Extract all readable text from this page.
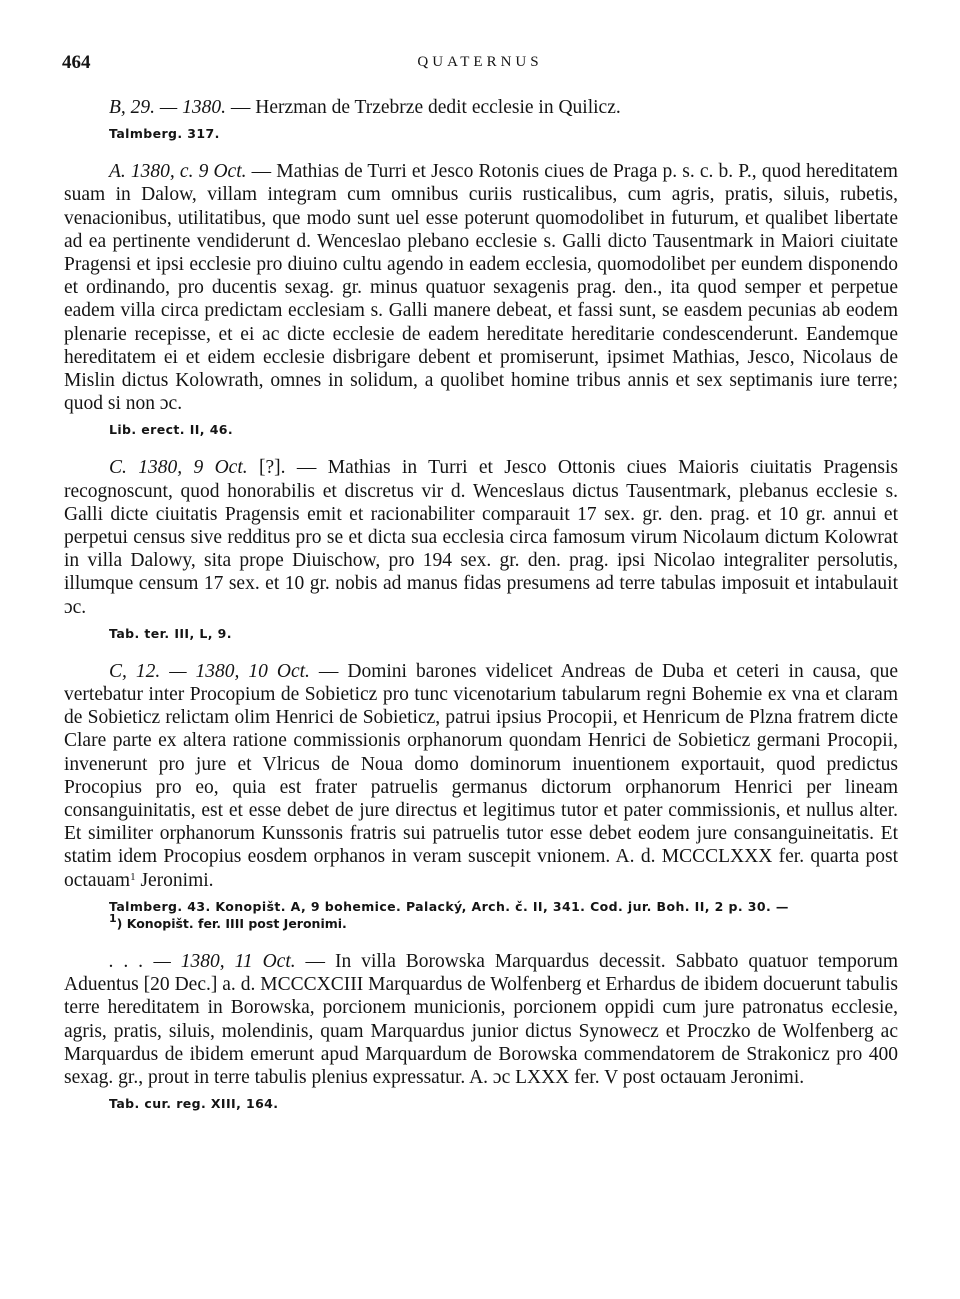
464	QUATERNUS

B, 29. — 1380. — Herzman de Trzebrze dedit ecclesie in Quilicz.

Talmberg. 317.

A. 1380, c. 9 Oct. — Mathias de Turri et Jesco Rotonis ciues de Praga p. s. c. b. P., quod hereditatem suam in Dalow, villam integram cum omnibus curiis rusticalibus, cum agris, pratis, siluis, rubetis, venacionibus, utilitatibus, que modo sunt uel esse poterunt quomodolibet in futurum, et qualibet libertate ad ea pertinente vendiderunt d. Wenceslao plebano ecclesie s. Galli dicto Tausentmark in Maiori ciuitate Pragensi et ipsi ecclesie pro diuino cultu agendo in eadem ecclesia, quomodolibet per eundem disponendo et ordinando, pro ducentis sexag. gr. minus quatuor sexagenis prag. den., ita quod semper et perpetue eadem villa circa predictam ecclesiam s. Galli manere debeat, et fassi sunt, se easdem pecunias ab eodem plenarie recepisse, et ei ac dicte ecclesie de eadem hereditate hereditarie condescenderunt. Eandemque hereditatem ei et eidem ecclesie disbrigare debent et promiserunt, ipsimet Mathias, Jesco, Nicolaus de Mislin dictus Kolowrath, omnes in solidum, a quolibet homine tribus annis et sex septimanis iure terre; quod si non ɔc.

Lib. erect. II, 46.

C. 1380, 9 Oct. [?]. — Mathias in Turri et Jesco Ottonis ciues Maioris ciuitatis Pragensis recognoscunt, quod honorabilis et discretus vir d. Wenceslaus dictus Tausentmark, plebanus ecclesie s. Galli dicte ciuitatis Pragensis emit et racionabiliter comparauit 17 sex. gr. den. prag. et 10 gr. annui et perpetui census sive redditus pro se et dicta sua ecclesia circa famosum virum Nicolaum dictum Kolowrat in villa Dalowy, sita prope Diuischow, pro 194 sex. gr. den. prag. ipsi Nicolao integraliter persolutis, illumque censum 17 sex. et 10 gr. nobis ad manus fidas presumens ad terre tabulas imposuit et intabulauit ɔc.

Tab. ter. III, L, 9.

C, 12. — 1380, 10 Oct. — Domini barones videlicet Andreas de Duba et ceteri in causa, que vertebatur inter Procopium de Sobieticz pro tunc vicenotarium tabularum regni Bohemie ex vna et claram de Sobieticz relictam olim Henrici de Sobieticz, patrui ipsius Procopii, et Henricum de Plzna fratrem dicte Clare parte ex altera ratione commissionis orphanorum quondam Henrici de Sobieticz germani Procopii, invenerunt pro jure et Vlricus de Noua domo dominorum inuentionem exportauit, quod predictus Procopius pro eo, quia est frater patruelis germanus dictorum orphanorum Henrici per lineam consanguinitatis, est et esse debet de jure directus et legitimus tutor et pater commissionis, et nullus alter. Et similiter orphanorum Kunssonis fratris sui patruelis tutor esse debet eodem jure consanguineitatis. Et statim idem Procopius eosdem orphanos in veram suscepit vnionem. A. d. MCCCLXXX fer. quarta post octauam$^1$ Jeronimi.

Talmberg. 43. Konopišt. A, 9 bohemice. Palacký, Arch. č. II, 341. Cod. jur. Boh. II, 2 p. 30. —
$^1$) Konopišt. fer. IIII post Jeronimi.

. . . — 1380, 11 Oct. — In villa Borowska Marquardus decessit. Sabbato quatuor temporum Aduentus [20 Dec.] a. d. MCCCXCIII Marquardus de Wolfenberg et Erhardus de ibidem docuerunt tabulis terre hereditatem in Borowska, porcionem municionis, porcionem oppidi cum jure patronatus ecclesie, agris, pratis, siluis, molendinis, quam Marquardus junior dictus Synowecz et Proczko de Wolfenberg ac Marquardus de ibidem emerunt apud Marquardum de Borowska commendatorem de Strakonicz pro 400 sexag. gr., prout in terre tabulis plenius expressatur. A. ɔc LXXX fer. V post octauam Jeronimi.

Tab. cur. reg. XIII, 164.
